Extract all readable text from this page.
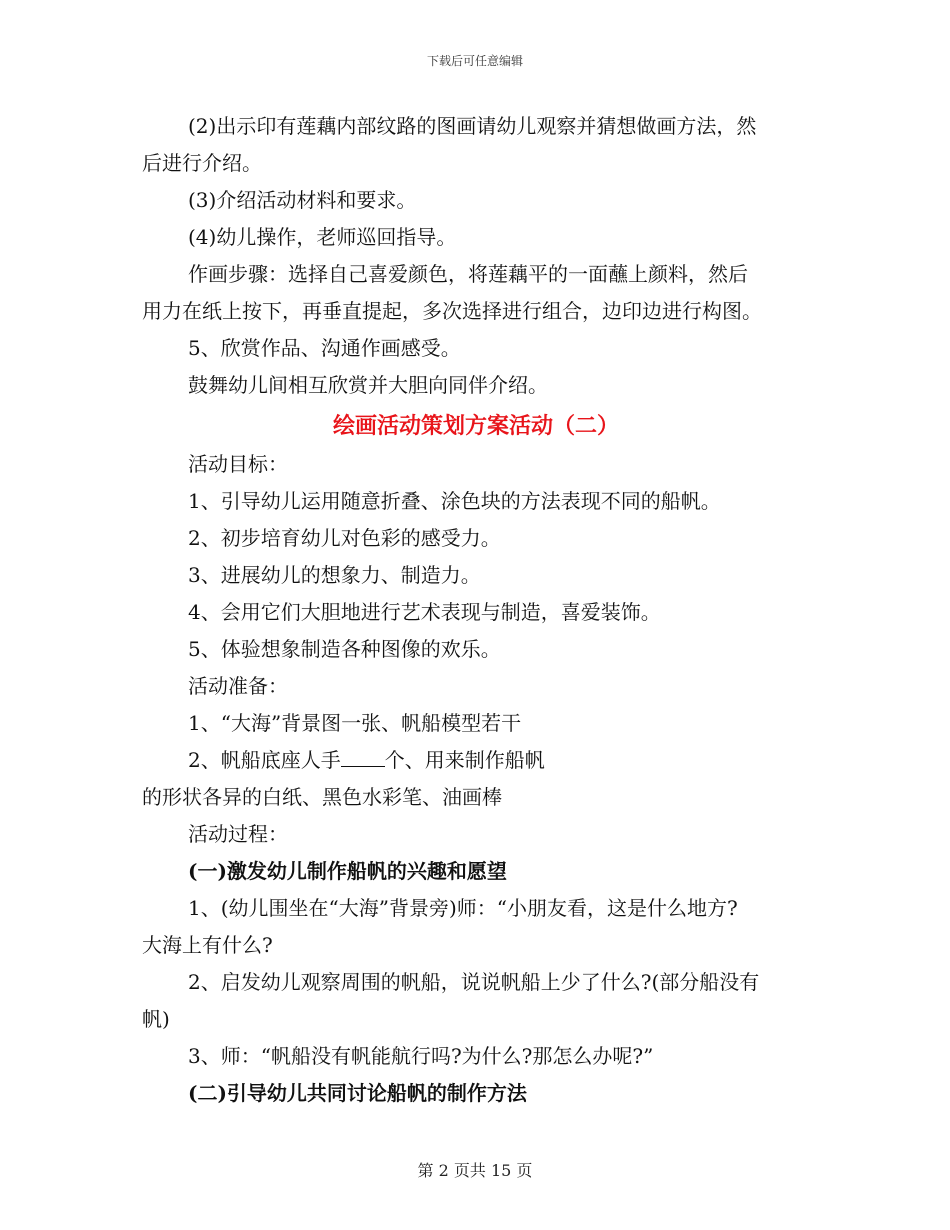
下载后可任意编辑

(2)出示印有莲藕内部纹路的图画请幼儿观察并猜想做画方法，然

后进行介绍。

(3)介绍活动材料和要求。

(4)幼儿操作，老师巡回指导。

作画步骤：选择自己喜爱颜色，将莲藕平的一面蘸上颜料，然后

用力在纸上按下，再垂直提起，多次选择进行组合，边印边进行构图。

5、欣赏作品、沟通作画感受。

鼓舞幼儿间相互欣赏并大胆向同伴介绍。

绘画活动策划方案活动（二）

活动目标：

1、引导幼儿运用随意折叠、涂色块的方法表现不同的船帆。

2、初步培育幼儿对色彩的感受力。

3、进展幼儿的想象力、制造力。

4、会用它们大胆地进行艺术表现与制造，喜爱装饰。

5、体验想象制造各种图像的欢乐。

活动准备：

1、“大海”背景图一张、帆船模型若干

2、帆船底座人手 个、用来制作船帆

的形状各异的白纸、黑色水彩笔、油画棒

活动过程：

(一)激发幼儿制作船帆的兴趣和愿望

1、(幼儿围坐在“大海”背景旁)师：“小朋友看，这是什么地方?

大海上有什么?

2、启发幼儿观察周围的帆船，说说帆船上少了什么?(部分船没有

帆)

3、师：“帆船没有帆能航行吗?为什么?那怎么办呢?”

(二)引导幼儿共同讨论船帆的制作方法

第 2 页共 15 页
